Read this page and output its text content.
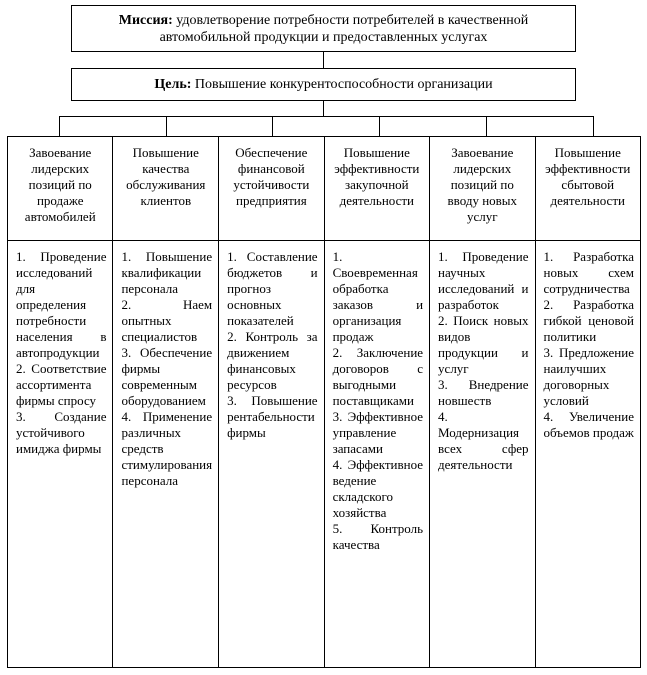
Миссия: удовлетворение потребности потребителей в качественной автомобильной продукции и предоставленных услугах
Цель: Повышение конкурентоспособности организации
Завоевание лидерских позиций по продаже автомобилей
1. Проведение исследований для определения потребности населения в автопродукции
2. Соответствие ассортимента фирмы спросу
3. Создание устойчивого имиджа фирмы
Повышение качества обслуживания клиентов
1. Повышение квалификации персонала
2. Наем опытных специалистов
3. Обеспечение фирмы современным оборудованием
4. Применение различных средств стимулирования персонала
Обеспечение финансовой устойчивости предприятия
1. Составление бюджетов и прогноз основных показателей
2. Контроль за движением финансовых ресурсов
3. Повышение рентабельности фирмы
Повышение эффективности закупочной деятельности
1. Своевременная обработка заказов и организация продаж
2. Заключение договоров с выгодными поставщиками
3. Эффективное управление запасами
4. Эффективное ведение складского хозяйства
5. Контроль качества
Завоевание лидерских позиций по вводу новых услуг
1. Проведение научных исследований и разработок
2. Поиск новых видов продукции и услуг
3. Внедрение новшеств
4. Модернизация всех сфер деятельности
Повышение эффективности сбытовой деятельности
1. Разработка новых схем сотрудничества
2. Разработка гибкой ценовой политики
3. Предложение наилучших договорных условий
4. Увеличение объемов продаж
